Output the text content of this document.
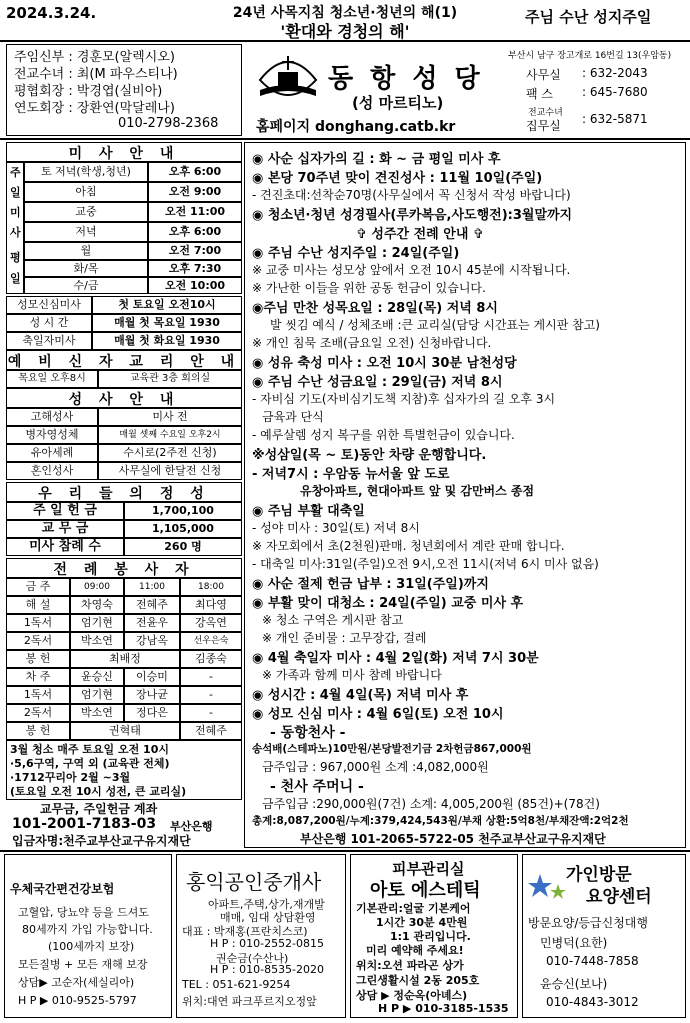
2024.3.24.	24년 사목지침 청소년·청년의 해(1)
'환대와 경청의 해'
주님 수난 성지주일
주임신부 : 경훈모(알렉시오)
전교수녀 : 최(M 파우스티나)
평협회장 : 박경엽(실비아)
연도회장 : 장환연(막달레나)
010-2798-2368
동 항 성 당
(성 마르티노)
홈페이지 donghang.catb.kr
부산시 남구 장고개로 16번길 13(우암동)
사무실 : 632-2043
팩 스 : 645-7680
전교수녀
집무실 : 632-5871
미 사 안 내
주
일
미
사
평
일
토 저녁(학생,청년)	오후 6:00
아침	오전 9:00
교중	오전 11:00
저녁	오후 6:00
월	오전 7:00
화/목	오후 7:30
수/금	오전 10:00
성모신심미사	첫 토요일 오전10시
성 시 간	매월 첫 목요일 1930
축일자미사	매월 첫 화요일 1930
예 비 신 자 교 리 안 내
목요일 오후8시	교육관 3층 회의실
성 사 안 내
고해성사	미사 전
병자영성체	매월 셋째 수요일 오후2시
유아세례	수시로(2주전 신청)
혼인성사	사무실에 한달전 신청
우 리 들 의 정 성
주 일 헌 금	1,700,100
교 무 금	1,105,000
미사 참례 수	260 명
전 례 봉 사 자
금 주	09:00	11:00	18:00
해 설	차영숙	전혜주	최다영
1독서	엄기현	전윤우	강옥연
2독서	박소연	강남옥	선우은숙
봉 헌	최배정	김종숙
차 주	윤승신	이승미	-
1독서	엄기현	장나균	-
2독서	박소연	정다은	-
봉 헌	권혁태	전혜주
3월 청소 매주 토요일 오전 10시
·5,6구역, 구역 외 (교육관 전체)
·1712꾸리아 2월 ~3월
(토요일 오전 10시 성전, 큰 교리실)
교무금, 주일헌금 계좌
101-2001-7183-03 부산은행
입금자명:천주교부산교구유지재단
◉ 사순 십자가의 길 : 화 ~ 금 평일 미사 후
◉ 본당 70주년 맞이 견진성사 : 11월 10일(주일)
- 견진초대:선착순70명(사무실에서 꼭 신청서 작성 바랍니다)
◉ 청소년·청년 성경필사(루카복음,사도행전):3월말까지
✞ 성주간 전례 안내 ✞
◉ 주님 수난 성지주일 : 24일(주일)
※ 교중 미사는 성모상 앞에서 오전 10시 45분에 시작됩니다.
※ 가난한 이들을 위한 공동 헌금이 있습니다.
◉주님 만찬 성목요일 : 28일(목) 저녁 8시
발 씻김 예식 / 성체조배 :큰 교리실(담당 시간표는 게시판 참고)
※ 개인 침묵 조배(금요일 오전) 신청바랍니다.
◉ 성유 축성 미사 : 오전 10시 30분 남천성당
◉ 주님 수난 성금요일 : 29일(금) 저녁 8시
- 자비심 기도(자비심기도책 지참)후 십자가의 길 오후 3시
금육과 단식
- 예루살렘 성지 복구를 위한 특별헌금이 있습니다.
※성삼일(목 ~ 토)동안 차량 운행합니다.
- 저녁7시 : 우암동 뉴서울 앞 도로
유창아파트, 현대아파트 앞 및 감만버스 종점
◉ 주님 부활 대축일
- 성야 미사 : 30일(토) 저녁 8시
※ 자모회에서 초(2천원)판매. 청년회에서 계란 판매 합니다.
- 대축일 미사:31일(주일)오전 9시,오전 11시(저녁 6시 미사 없음)
◉ 사순 절제 헌금 납부 : 31일(주일)까지
◉ 부활 맞이 대청소 : 24일(주일) 교중 미사 후
※ 청소 구역은 게시판 참고
※ 개인 준비물 : 고무장갑, 걸레
◉ 4월 축일자 미사 : 4월 2일(화) 저녁 7시 30분
※ 가족과 함께 미사 참례 바랍니다
◉ 성시간 : 4월 4일(목) 저녁 미사 후
◉ 성모 신심 미사 : 4월 6일(토) 오전 10시
- 동항천사 -
송석배(스테파노)10만원/본당발전기금 2차헌금867,000원
금주입금 : 967,000원 소계 :4,082,000원
- 천사 주머니 -
금주입금 :290,000원(7건) 소계: 4,005,200원 (85건)+(78건)
총계:8,087,200원/누계:379,424,543원/부채 상환:5억8천/부채잔액:2억2천
부산은행 101-2065-5722-05 천주교부산교구유지재단
우체국간편건강보험
고혈압, 당뇨약 등을 드셔도
80세까지 가입 가능합니다.
(100세까지 보장)
모든질병 + 모든 재해 보장
상담▶ 고순자(세실리아)
H P ▶ 010-9525-5797
홍익공인중개사
아파트,주택,상가,재개발
매매, 임대 상담환영
대표 : 박재홍(프란치스코)
H P : 010-2552-0815
권순금(수산나)
H P : 010-8535-2020
TEL : 051-621-9254
위치:대연 파크푸르지오정앞
피부관리실
아토 에스테틱
기본관리:얼굴 기본케어
1시간 30분 4만원
1:1 관리입니다.
미리 예약해 주세요!
위치:오션 파라곤 상가
그린생활시설 2동 205호
상담 ▶ 정순옥(아녜스)
H P ▶ 010-3185-1535
가인방문
요양센터
방문요양/등급신청대행
민병덕(요한)
010-7448-7858
윤승신(보나)
010-4843-3012
